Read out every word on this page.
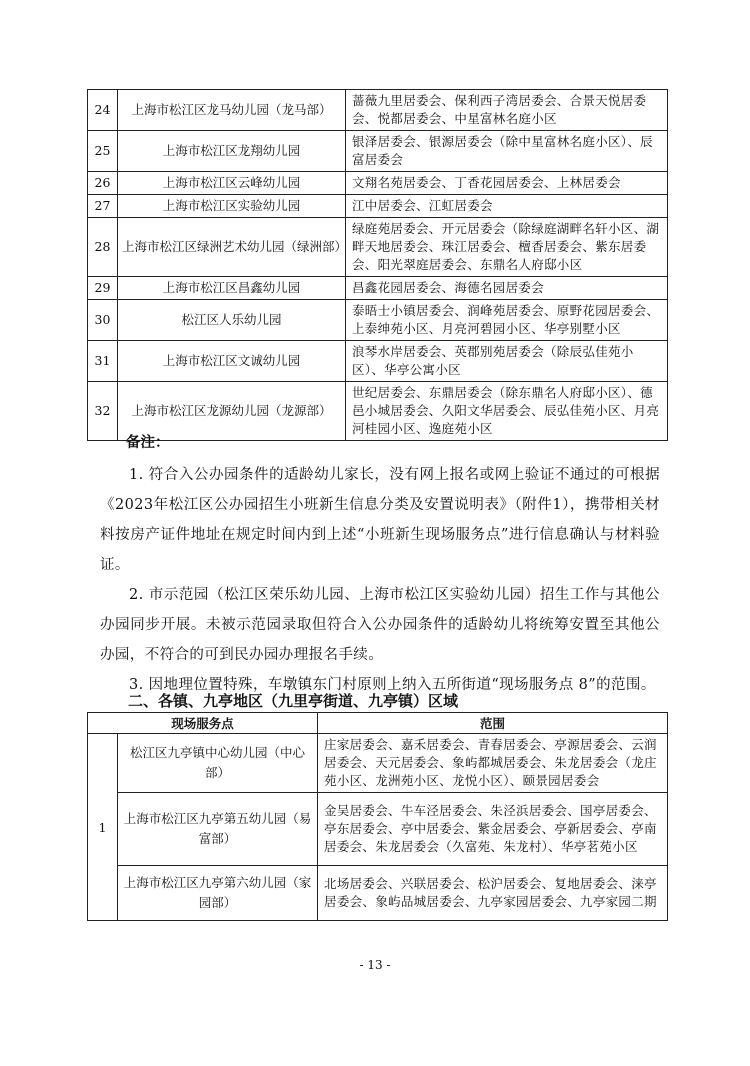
24	上海市松江区龙马幼儿园（龙马部）	蔷薇九里居委会、保利西子湾居委会、合景天悦居委会、悦都居委会、中星富林名庭小区
25	上海市松江区龙翔幼儿园	银泽居委会、银源居委会（除中星富林名庭小区）、辰富居委会
26	上海市松江区云峰幼儿园	文翔名苑居委会、丁香花园居委会、上林居委会
27	上海市松江区实验幼儿园	江中居委会、江虹居委会
28	上海市松江区绿洲艺术幼儿园（绿洲部）	绿庭苑居委会、开元居委会（除绿庭湖畔名轩小区、湖畔天地居委会、珠江居委会、檀香居委会、紫东居委会、阳光翠庭居委会、东鼎名人府邸小区
29	上海市松江区昌鑫幼儿园	昌鑫花园居委会、海德名园居委会
30	松江区人乐幼儿园	泰晤士小镇居委会、润峰苑居委会、原野花园居委会、上泰绅苑小区、月亮河碧园小区、华亭别墅小区
31	上海市松江区文诚幼儿园	浪琴水岸居委会、英郡别苑居委会（除辰弘佳苑小区）、华亭公寓小区
32	上海市松江区龙源幼儿园（龙源部）	世纪居委会、东鼎居委会（除东鼎名人府邸小区）、德邑小城居委会、久阳文华居委会、辰弘佳苑小区、月亮河桂园小区、逸庭苑小区
备注：

1. 符合入公办园条件的适龄幼儿家长，没有网上报名或网上验证不通过的可根据《2023年松江区公办园招生小班新生信息分类及安置说明表》（附件1），携带相关材料按房产证件地址在规定时间内到上述“小班新生现场服务点”进行信息确认与材料验证。

2. 市示范园（松江区荣乐幼儿园、上海市松江区实验幼儿园）招生工作与其他公办园同步开展。未被示范园录取但符合入公办园条件的适龄幼儿将统筹安置至其他公办园，不符合的可到民办园办理报名手续。

3. 因地理位置特殊，车墩镇东门村原则上纳入五所街道“现场服务点 8”的范围。

二、各镇、九亭地区（九里亭街道、九亭镇）区域
现场服务点		范围
1	松江区九亭镇中心幼儿园（中心部）	庄家居委会、嘉禾居委会、青春居委会、亭源居委会、云润居委会、天元居委会、象屿都城居委会、朱龙居委会（龙庄苑小区、龙洲苑小区、龙悦小区）、颐景园居委会
	上海市松江区九亭第五幼儿园（易富部）	金吴居委会、牛车泾居委会、朱泾浜居委会、国亭居委会、亭东居委会、亭中居委会、紫金居委会、亭新居委会、亭南居委会、朱龙居委会（久富苑、朱龙村）、华亭茗苑小区
	上海市松江区九亭第六幼儿园（家园部）	北场居委会、兴联居委会、松沪居委会、复地居委会、涞亭居委会、象屿品城居委会、九亭家园居委会、九亭家园二期
- 13 -
